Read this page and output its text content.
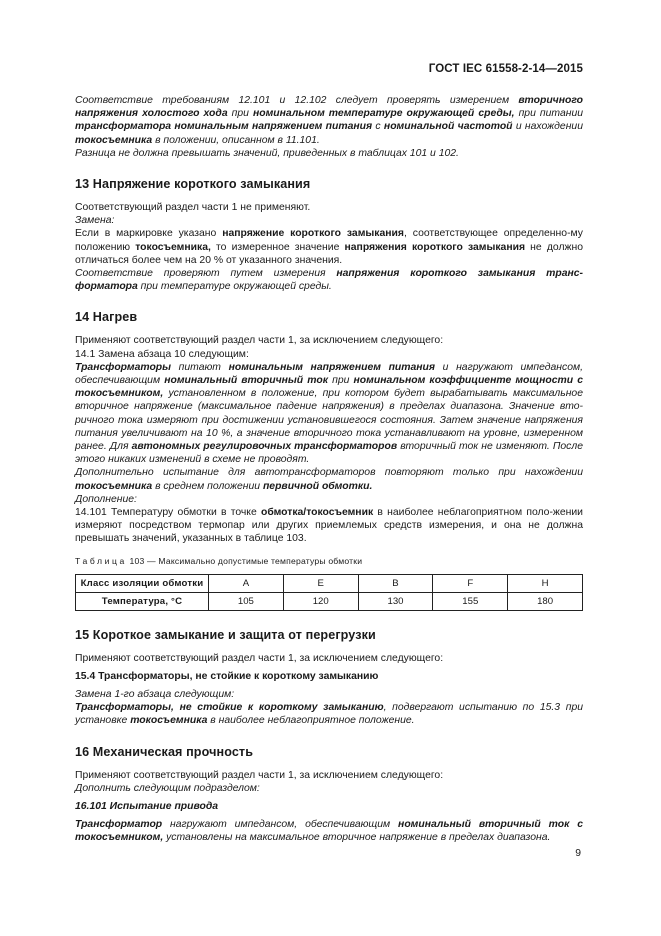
ГОСТ IEC 61558-2-14—2015

Соответствие требованиям 12.101 и 12.102 следует проверять измерением вторичного напряжения холостого хода при номинальном температуре окружающей среды, при питании трансформатора номинальным напряжением питания с номинальной частотой и нахождении токосъемника в положении, описанном в 11.101.

Разница не должна превышать значений, приведенных в таблицах 101 и 102.

13 Напряжение короткого замыкания

Соответствующий раздел части 1 не применяют.

Замена:

Если в маркировке указано напряжение короткого замыкания, соответствующее определенно-му положению токосъемника, то измеренное значение напряжения короткого замыкания не должно отличаться более чем на 20 % от указанного значения.

Соответствие проверяют путем измерения напряжения короткого замыкания транс-форматора при температуре окружающей среды.

14 Нагрев

Применяют соответствующий раздел части 1, за исключением следующего:

14.1 Замена абзаца 10 следующим:

Трансформаторы питают номинальным напряжением питания и нагружают импедансом, обеспечивающим номинальный вторичный ток при номинальном коэффициенте мощности с токосъемником, установленном в положение, при котором будет вырабатывать максимальное вторичное напряжение (максимальное падение напряжения) в пределах диапазона. Значение вто-ричного тока измеряют при достижении установившегося состояния. Затем значение напряжения питания увеличивают на 10 %, а значение вторичного тока устанавливают на уровне, измеренном ранее. Для автономных регулировочных трансформаторов вторичный ток не изменяют. После этого никаких изменений в схеме не проводят.

Дополнительно испытание для автотрансформаторов повторяют только при нахождении токосъемника в среднем положении первичной обмотки.

Дополнение:

14.101 Температуру обмотки в точке обмотка/токосъемник в наиболее неблагоприятном поло-жении измеряют посредством термопар или других приемлемых средств измерения, и она не должна превышать значений, указанных в таблице 103.

Таблица 103 — Максимально допустимые температуры обмотки

Класс изоляции обмотки	A	E	B	F	H
Температура, °C	105	120	130	155	180
15 Короткое замыкание и защита от перегрузки

Применяют соответствующий раздел части 1, за исключением следующего:

15.4 Трансформаторы, не стойкие к короткому замыканию

Замена 1-го абзаца следующим:

Трансформаторы, не стойкие к короткому замыканию, подвергают испытанию по 15.3 при установке токосъемника в наиболее неблагоприятное положение.

16 Механическая прочность

Применяют соответствующий раздел части 1, за исключением следующего:

Дополнить следующим подразделом:

16.101 Испытание привода

Трансформатор нагружают импедансом, обеспечивающим номинальный вторичный ток с токосъемником, установлены на максимальное вторичное напряжение в пределах диапазона.

9
